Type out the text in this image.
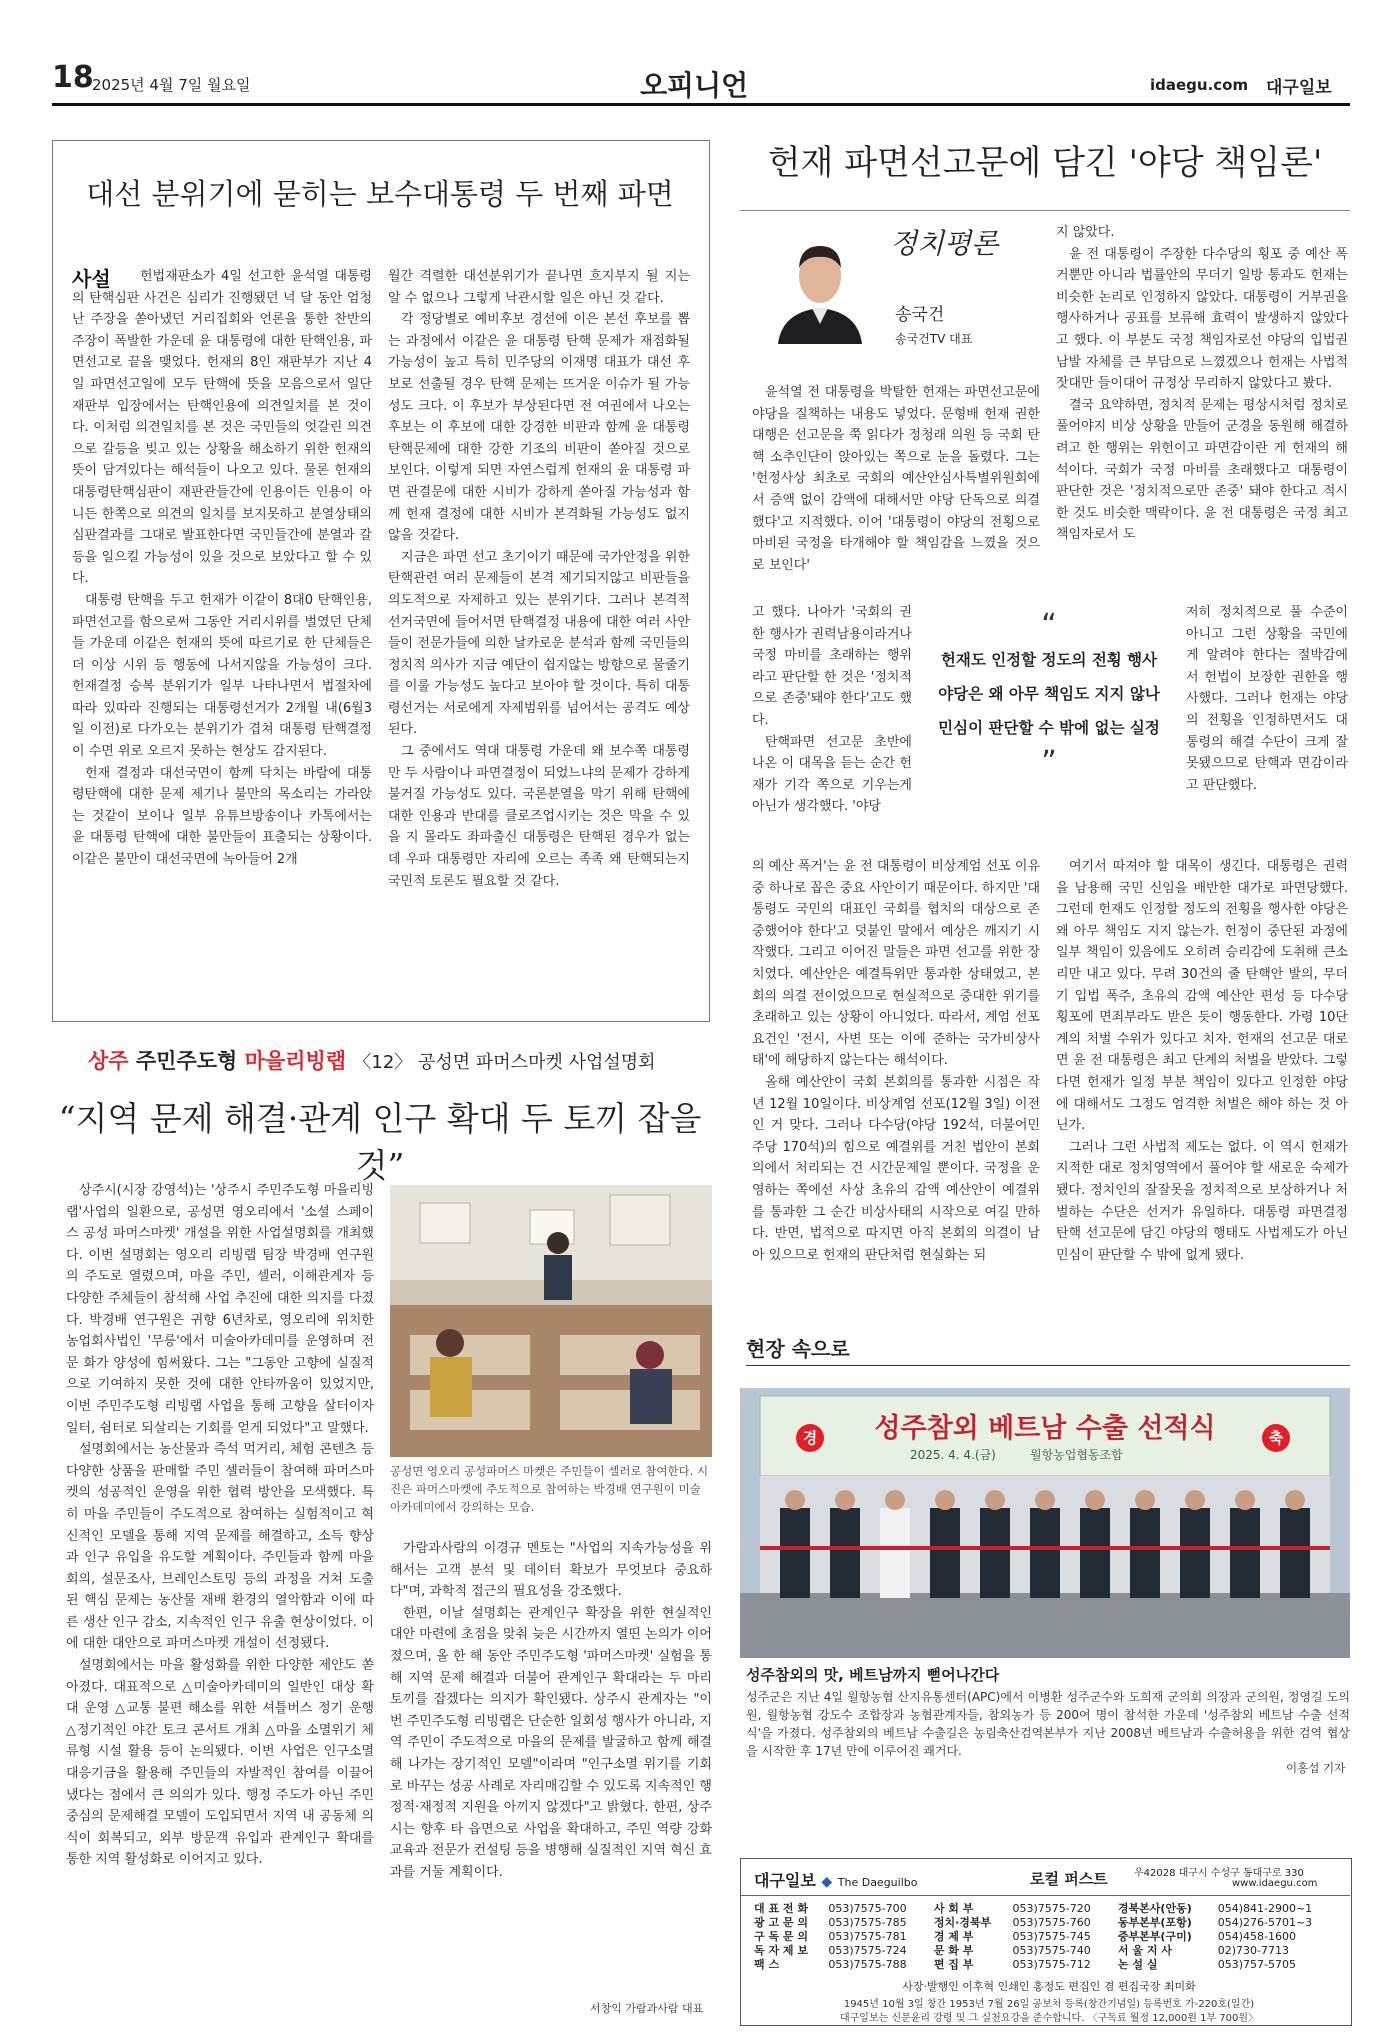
18
2025년 4월 7일 월요일	오피니언	idaegu.com 대구일보
대선 분위기에 묻히는 보수대통령 두 번째 파면
사설	헌법재판소가 4일 선고한 윤석열 대통령의 탄핵심판 사건은 심리가 진행됐던 넉 달 동안 엄청난 주장을 쏟아냈던 거리집회와 언론을 통한 찬반의 주장이 폭발한 가운데 윤 대통령에 대한 탄핵인용, 파면선고로 끝을 맺었다. 헌재의 8인 재판부가 지난 4일 파면선고일에 모두 탄핵에 뜻을 모음으로서 일단 재판부 입장에서는 탄핵인용에 의견일치를 본 것이다. 이처럼 의견일치를 본 것은 국민들의 엇갈린 의견으로 갈등을 빚고 있는 상황을 해소하기 위한 헌재의 뜻이 담겨있다는 해석들이 나오고 있다. 물론 헌재의 대통령탄핵심판이 재판관들간에 인용이든 인용이 아니든 한쪽으로 의견의 일치를 보지못하고 분열상태의 심판결과를 그대로 발표한다면 국민들간에 분열과 갈등을 일으킬 가능성이 있을 것으로 보았다고 할 수 있다.

대통령 탄핵을 두고 헌재가 이같이 8대0 탄핵인용, 파면선고를 함으로써 그동안 거리시위를 벌였던 단체들 가운데 이같은 헌재의 뜻에 따르기로 한 단체들은 더 이상 시위 등 행동에 나서지않을 가능성이 크다. 헌재결정 승복 분위기가 일부 나타나면서 법절차에 따라 있따라 진행되는 대통령선거가 2개월 내(6월3일 이전)로 다가오는 분위기가 겹쳐 대통령 탄핵결정이 수면 위로 오르지 못하는 현상도 감지된다.

헌재 결정과 대선국면이 함께 닥치는 바람에 대통령탄핵에 대한 문제 제기나 불만의 목소리는 가라앉는 것같이 보이나 일부 유튜브방송이나 카톡에서는 윤 대통령 탄핵에 대한 불만들이 표출되는 상황이다. 이같은 불만이 대선국면에 녹아들어 2개

월간 격렬한 대선분위기가 끝나면 흐지부지 될 지는 알 수 없으나 그렇게 낙관시할 일은 아닌 것 같다.

각 정당별로 예비후보 경선에 이은 본선 후보를 뽑는 과정에서 이같은 윤 대통령 탄핵 문제가 재점화될 가능성이 높고 특히 민주당의 이재명 대표가 대선 후보로 선출될 경우 탄핵 문제는 뜨거운 이슈가 될 가능성도 크다. 이 후보가 부상된다면 전 여권에서 나오는 후보는 이 후보에 대한 강경한 비판과 함께 윤 대통령 탄핵문제에 대한 강한 기조의 비판이 쏟아질 것으로 보인다. 이렇게 되면 자연스럽게 헌재의 윤 대통령 파면 관결문에 대한 시비가 강하게 쏟아질 가능성과 함께 헌재 결정에 대한 시비가 본격화될 가능성도 없지않을 것같다.

지금은 파면 선고 초기이기 때문에 국가안정을 위한 탄핵관련 여러 문제들이 본격 제기되지않고 비판들을 의도적으로 자제하고 있는 분위기다. 그러나 본격적 선거국면에 들어서면 탄핵결정 내용에 대한 여러 사안들이 전문가들에 의한 날카로운 분석과 함께 국민들의 정치적 의사가 지금 예단이 쉽지않는 방향으로 물줄기를 이룰 가능성도 높다고 보아야 할 것이다. 특히 대통령선거는 서로에게 자제범위를 넘어서는 공격도 예상된다.

그 중에서도 역대 대통령 가운데 왜 보수쪽 대통령만 두 사람이나 파면결정이 되었느냐의 문제가 강하게 불거질 가능성도 있다. 국론분열을 막기 위해 탄핵에 대한 인용과 반대를 클로즈업시키는 것은 막을 수 있을 지 몰라도 좌파출신 대통령은 탄핵된 경우가 없는데 우파 대통령만 자리에 오르는 족족 왜 탄핵되는지 국민적 토론도 필요할 것 같다.

헌재 파면선고문에 담긴 '야당 책임론'
정치평론
송국건
송국건TV 대표

윤석열 전 대통령을 박탈한 헌재는 파면선고문에 야당을 질책하는 내용도 넣었다. 문형배 헌재 권한대행은 선고문을 쭉 읽다가 정청래 의원 등 국회 탄핵 소추인단이 앉아있는 쪽으로 눈을 돌렸다. 그는 '헌정사상 최초로 국회의 예산안심사특별위원회에서 증액 없이 감액에 대해서만 야당 단독으로 의결했다'고 지적했다. 이어 '대통령이 야당의 전횡으로 마비된 국정을 타개해야 할 책임감을 느꼈을 것으로 보인다'

고 했다. 나아가 '국회의 권한 행사가 권력남용이라거나 국정 마비를 초래하는 행위라고 판단할 한 것은 '정치적으로 존중'돼야 한다'고도 했다.

탄핵파면 선고문 초반에 나온 이 대목을 듣는 순간 헌재가 기각 쪽으로 기우는게 아닌가 생각했다. '야당

의 예산 폭거'는 윤 전 대통령이 비상계엄 선포 이유 중 하나로 꼽은 중요 사안이기 때문이다. 하지만 '대통령도 국민의 대표인 국회를 협치의 대상으로 존중했어야 한다'고 덧붙인 말에서 예상은 깨지기 시작했다. 그리고 이어진 말들은 파면 선고를 위한 장치였다. 예산안은 예결특위만 통과한 상태였고, 본회의 의결 전이었으므로 현실적으로 중대한 위기를 초래하고 있는 상황이 아니었다. 따라서, 계엄 선포 요건인 '전시, 사변 또는 이에 준하는 국가비상사태'에 해당하지 않는다는 해석이다.

올해 예산안이 국회 본회의를 통과한 시점은 작년 12월 10일이다. 비상계엄 선포(12월 3일) 이전인 거 맞다. 그러나 다수당(야당 192석, 더불어민주당 170석)의 힘으로 예결위를 거친 법안이 본회의에서 처리되는 건 시간문제일 뿐이다. 국정을 운영하는 쪽에선 사상 초유의 감액 예산안이 예결위를 통과한 그 순간 비상사태의 시작으로 여길 만하다. 반면, 법적으로 따지면 아직 본회의 의결이 남아 있으므로 헌재의 판단처럼 현실화는 되

지 않았다.

윤 전 대통령이 주장한 다수당의 횡포 중 예산 폭거뿐만 아니라 법률안의 무더기 일방 통과도 헌재는 비슷한 논리로 인정하지 않았다. 대통령이 거부권을 행사하거나 공표를 보류해 효력이 발생하지 않았다고 했다. 이 부분도 국정 책임자로선 야당의 입법권 남발 자체를 큰 부담으로 느꼈겠으나 헌재는 사법적 잣대만 들이대어 규정상 무리하지 않았다고 봤다.

결국 요약하면, 정치적 문제는 평상시처럼 정치로 풀어야지 비상 상황을 만들어 군경을 동원해 해결하려고 한 행위는 위헌이고 파면감이란 게 헌재의 해석이다. 국회가 국정 마비를 초래했다고 대통령이 판단한 것은 '정치적으로만 존중' 돼야 한다고 적시한 것도 비슷한 맥락이다. 윤 전 대통령은 국정 최고책임자로서 도

저히 정치적으로 풀 수준이 아니고 그런 상황을 국민에게 알려야 한다는 절박감에서 헌법이 보장한 권한을 행사했다. 그러나 헌재는 야당의 전횡을 인정하면서도 대통령의 해결 수단이 크게 잘못됐으므로 탄핵과 면감이라고 판단했다.

여기서 따져야 할 대목이 생긴다. 대통령은 권력을 남용해 국민 신임을 배반한 대가로 파면당했다. 그런데 헌재도 인정할 정도의 전횡을 행사한 야당은 왜 아무 책임도 지지 않는가. 헌정이 중단된 과정에 일부 책임이 있음에도 오히려 승리감에 도취해 큰소리만 내고 있다. 무려 30건의 줄 탄핵안 발의, 무더기 입법 폭주, 초유의 감액 예산안 편성 등 다수당 횡포에 면죄부라도 받은 듯이 행동한다. 가령 10단계의 처벌 수위가 있다고 치자. 헌재의 선고문 대로면 윤 전 대통령은 최고 단계의 처벌을 받았다. 그렇다면 헌재가 일정 부분 책임이 있다고 인정한 야당에 대해서도 그정도 엄격한 처벌은 해야 하는 것 아닌가.

그러나 그런 사법적 제도는 없다. 이 역시 헌재가 지적한 대로 정치영역에서 풀어야 할 새로운 숙제가 됐다. 정치인의 잘잘못을 정치적으로 보상하거나 처벌하는 수단은 선거가 유일하다. 대통령 파면결정 탄핵 선고문에 담긴 야당의 행태도 사법제도가 아닌 민심이 판단할 수 밖에 없게 됐다.

“
헌재도 인정할 정도의 전횡 행사
야당은 왜 아무 책임도 지지 않나
민심이 판단할 수 밖에 없는 실정
”
상주 주민주도형 마을리빙랩 〈12〉 공성면 파머스마켓 사업설명회
“지역 문제 해결·관계 인구 확대 두 토끼 잡을 것”

상주시(시장 강영석)는 '상주시 주민주도형 마을리빙랩'사업의 일환으로, 공성면 영오리에서 '소셜 스페이스 공성 파머스마켓' 개설을 위한 사업설명회를 개최했다. 이번 설명회는 영오리 리빙랩 팀장 박경배 연구원의 주도로 열렸으며, 마을 주민, 셀러, 이해관계자 등 다양한 주체들이 참석해 사업 추진에 대한 의지를 다졌다. 박경배 연구원은 귀향 6년차로, 영오리에 위치한 농업회사법인 '무릉'에서 미술아카데미를 운영하며 전문 화가 양성에 힘써왔다. 그는 "그동안 고향에 실질적으로 기여하지 못한 것에 대한 안타까움이 있었지만, 이번 주민주도형 리빙랩 사업을 통해 고향을 살터이자 일터, 쉼터로 되살리는 기회를 얻게 되었다"고 말했다.

설명회에서는 농산물과 즉석 먹거리, 체험 콘텐츠 등 다양한 상품을 판매할 주민 셀러들이 참여해 파머스마켓의 성공적인 운영을 위한 협력 방안을 모색했다. 특히 마을 주민들이 주도적으로 참여하는 실험적이고 혁신적인 모델을 통해 지역 문제를 해결하고, 소득 향상과 인구 유입을 유도할 계획이다. 주민들과 함께 마을회의, 설문조사, 브레인스토밍 등의 과정을 거쳐 도출된 핵심 문제는 농산물 재배 환경의 열악함과 이에 따른 생산 인구 감소, 지속적인 인구 유출 현상이었다. 이에 대한 대안으로 파머스마켓 개설이 선정됐다.

설명회에서는 마을 활성화를 위한 다양한 제안도 쏟아졌다. 대표적으로 △미술아카데미의 일반인 대상 확대 운영 △교통 불편 해소를 위한 셔틀버스 정기 운행 △정기적인 야간 토크 콘서트 개최 △마을 소멸위기 체류형 시설 활용 등이 논의됐다. 이번 사업은 인구소멸대응기금을 활용해 주민들의 자발적인 참여를 이끌어냈다는 점에서 큰 의의가 있다. 행정 주도가 아닌 주민 중심의 문제해결 모델이 도입되면서 지역 내 공동체 의식이 회복되고, 외부 방문객 유입과 관계인구 확대를 통한 지역 활성화로 이어지고 있다.

공성면 영오리 공성파머스 마켓은 주민들이 셀러로 참여한다. 시진은 파머스마켓에 주도적으로 참여하는 박경배 연구원이 미술 아카데미에서 강의하는 모습.

가람과사람의 이경규 멘토는 "사업의 지속가능성을 위해서는 고객 분석 및 데이터 확보가 무엇보다 중요하다"며, 과학적 접근의 필요성을 강조했다.

한편, 이날 설명회는 관계인구 확장을 위한 현실적인 대안 마련에 초점을 맞춰 늦은 시간까지 열띤 논의가 이어졌으며, 올 한 해 동안 주민주도형 '파머스마켓' 실험을 통해 지역 문제 해결과 더불어 관계인구 확대라는 두 마리 토끼를 잡겠다는 의지가 확인됐다. 상주시 관계자는 "이번 주민주도형 리빙랩은 단순한 일회성 행사가 아니라, 지역 주민이 주도적으로 마을의 문제를 발굴하고 함께 해결해 나가는 장기적인 모델"이라며 "인구소멸 위기를 기회로 바꾸는 성공 사례로 자리매김할 수 있도록 지속적인 행정적·재정적 지원을 아끼지 않겠다"고 밝혔다. 한편, 상주시는 향후 타 읍면으로 사업을 확대하고, 주민 역량 강화 교육과 전문가 컨설팅 등을 병행해 실질적인 지역 혁신 효과를 거둘 계획이다.

서창익 가람과사람 대표
현장 속으로
경	성주참외 베트남 수출 선적식
2025. 4. 4.(금)	월항농업협동조합
축
성주참외의 맛, 베트남까지 뻗어나간다
성주군은 지난 4일 월항농협 산지유통센터(APC)에서 이병환 성주군수와 도희재 군의회 의장과 군의원, 정영길 도의원, 월항농협 강도수 조합장과 농협관계자들, 참외농가 등 200여 명이 참석한 가운데 '성주참외 베트남 수출 선적식'을 가졌다. 성주참외의 베트남 수출길은 농림축산검역본부가 지난 2008년 베트남과 수출허용을 위한 검역 협상을 시작한 후 17년 만에 이루어진 쾌거다.
이홍섭 기자
대구일보 ◆ The Daeguilbo	로컬 퍼스트	우42028 대구시 수성구 동대구로 330
www.idaegu.com
대 표 전 화	053)7575-700	사 회 부	053)7575-720	경북본사(안동)	054)841-2900~1
광 고 문 의	053)7575-785	정치·경북부	053)7575-760	동부본부(포항)	054)276-5701~3
구 독 문 의	053)7575-781	경 제 부	053)7575-745	중부본부(구미)	054)458-1600
독 자 제 보	053)7575-724	문 화 부	053)7575-740	서 울 지 사	02)730-7713
팩 스	053)7575-788	편 집 부	053)7575-712	논 설 실	053)757-5705
사장·발행인 이후혁 인쇄인 홍정도 편집인 겸 편집국장 최미화
1945년 10월 3일 창간 1953년 7월 26일 공보처 등록(창간기념일) 등록번호 가-220호(일간)
대구일보는 신문윤리 강령 및 그 실천요강을 준수합니다. 〈구독료 월정 12,000원 1부 700원〉
